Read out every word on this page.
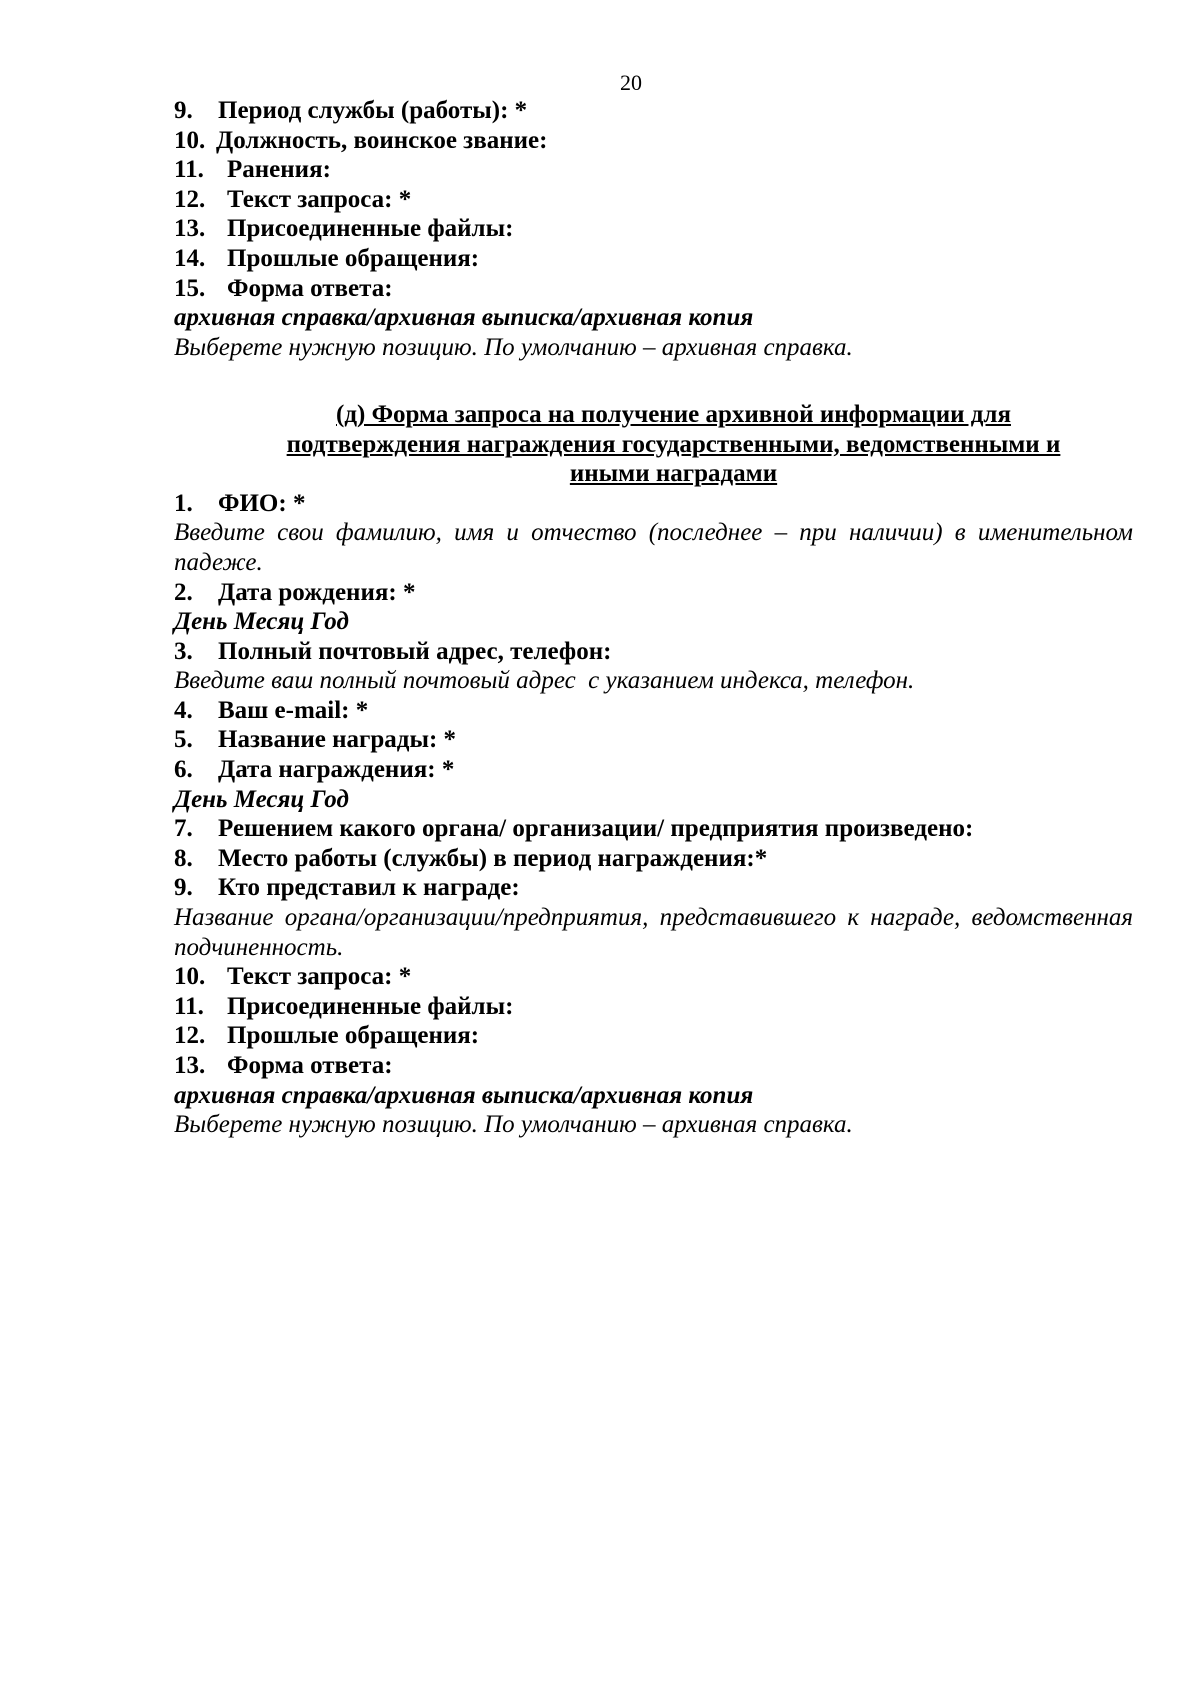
20
9. Период службы (работы): *
10. Должность, воинское звание:
11. Ранения:
12. Текст запроса: *
13. Присоединенные файлы:
14. Прошлые обращения:
15. Форма ответа:
архивная справка/архивная выписка/архивная копия
Выберете нужную позицию. По умолчанию – архивная справка.
(д) Форма запроса на получение архивной информации для
подтверждения награждения государственными, ведомственными и
иными наградами
1. ФИО: *
Введите свои фамилию, имя и отчество (последнее – при наличии) в именительном падеже.
2. Дата рождения: *
День Месяц Год
3. Полный почтовый адрес, телефон:
Введите ваш полный почтовый адрес  с указанием индекса, телефон.
4. Ваш e-mail: *
5. Название награды: *
6. Дата награждения: *
День Месяц Год
7. Решением какого органа/ организации/ предприятия произведено:
8. Место работы (службы) в период награждения:*
9. Кто представил к награде:
Название органа/организации/предприятия, представившего к награде, ведомственная подчиненность.
10. Текст запроса: *
11. Присоединенные файлы:
12. Прошлые обращения:
13. Форма ответа:
архивная справка/архивная выписка/архивная копия
Выберете нужную позицию. По умолчанию – архивная справка.
